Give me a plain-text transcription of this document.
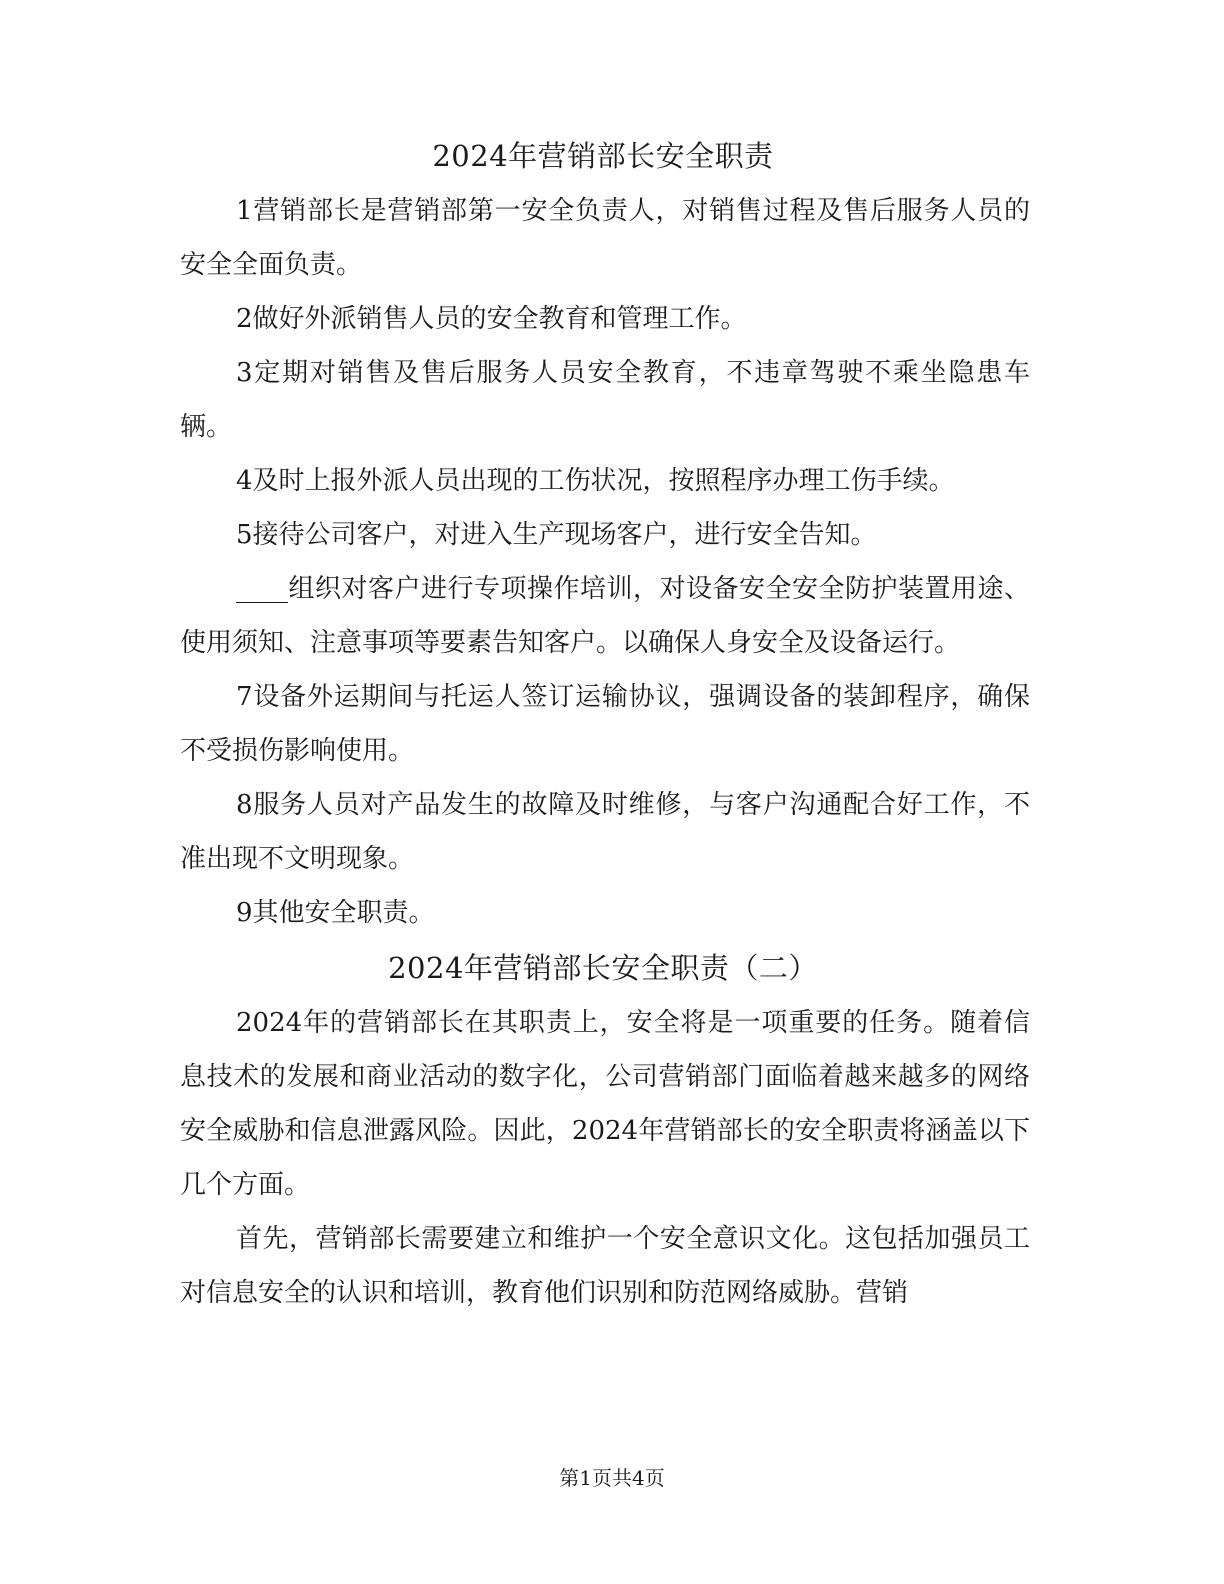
2024年营销部长安全职责

1营销部长是营销部第一安全负责人，对销售过程及售后服务人员的安全全面负责。

2做好外派销售人员的安全教育和管理工作。

3定期对销售及售后服务人员安全教育，不违章驾驶不乘坐隐患车辆。

4及时上报外派人员出现的工伤状况，按照程序办理工伤手续。

5接待公司客户，对进入生产现场客户，进行安全告知。

____组织对客户进行专项操作培训，对设备安全安全防护装置用途、使用须知、注意事项等要素告知客户。以确保人身安全及设备运行。

7设备外运期间与托运人签订运输协议，强调设备的装卸程序，确保不受损伤影响使用。

8服务人员对产品发生的故障及时维修，与客户沟通配合好工作，不准出现不文明现象。

9其他安全职责。

2024年营销部长安全职责（二）

2024年的营销部长在其职责上，安全将是一项重要的任务。随着信息技术的发展和商业活动的数字化，公司营销部门面临着越来越多的网络安全威胁和信息泄露风险。因此，2024年营销部长的安全职责将涵盖以下几个方面。

首先，营销部长需要建立和维护一个安全意识文化。这包括加强员工对信息安全的认识和培训，教育他们识别和防范网络威胁。营销

第1页共4页
